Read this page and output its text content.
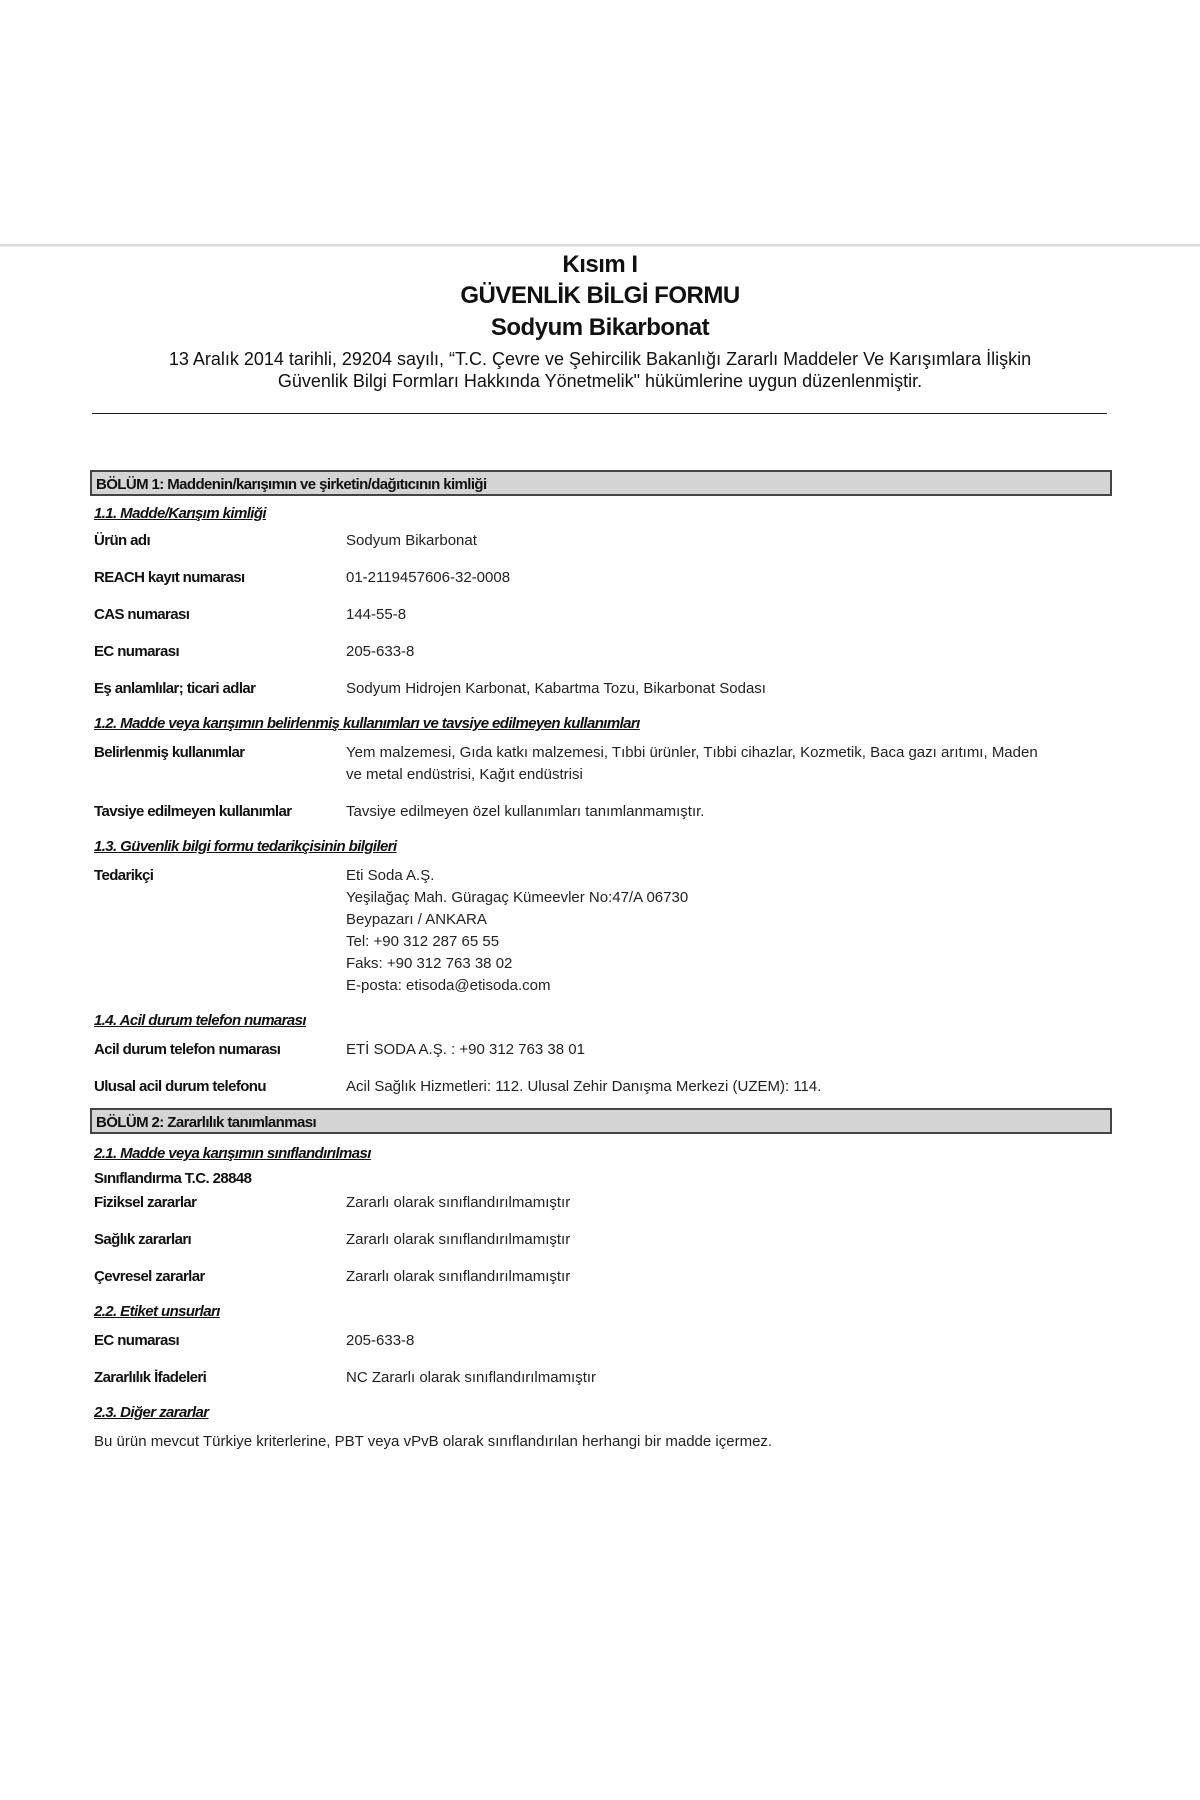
Kısım I

GÜVENLİK BİLGİ FORMU

Sodyum Bikarbonat

13 Aralık 2014 tarihli, 29204 sayılı, “T.C. Çevre ve Şehircilik Bakanlığı Zararlı Maddeler Ve Karışımlara İlişkin
Güvenlik Bilgi Formları Hakkında Yönetmelik" hükümlerine uygun düzenlenmiştir.
BÖLÜM 1: Maddenin/karışımın ve şirketin/dağıtıcının kimliği
1.1. Madde/Karışım kimliği
Ürün adı	Sodyum Bikarbonat
REACH kayıt numarası	01-2119457606-32-0008
CAS numarası	144-55-8
EC numarası	205-633-8
Eş anlamlılar; ticari adlar	Sodyum Hidrojen Karbonat, Kabartma Tozu, Bikarbonat Sodası
1.2. Madde veya karışımın belirlenmiş kullanımları ve tavsiye edilmeyen kullanımları
Belirlenmiş kullanımlar	Yem malzemesi, Gıda katkı malzemesi, Tıbbi ürünler, Tıbbi cihazlar, Kozmetik, Baca gazı arıtımı, Maden
ve metal endüstrisi, Kağıt endüstrisi
Tavsiye edilmeyen kullanımlar	Tavsiye edilmeyen özel kullanımları tanımlanmamıştır.
1.3. Güvenlik bilgi formu tedarikçisinin bilgileri
Tedarikçi	Eti Soda A.Ş.
Yeşilağaç Mah. Güragaç Kümeevler No:47/A 06730
Beypazarı / ANKARA
Tel: +90 312 287 65 55
Faks: +90 312 763 38 02
E-posta: etisoda@etisoda.com
1.4. Acil durum telefon numarası
Acil durum telefon numarası	ETİ SODA A.Ş. : +90 312 763 38 01
Ulusal acil durum telefonu	Acil Sağlık Hizmetleri: 112. Ulusal Zehir Danışma Merkezi (UZEM): 114.
BÖLÜM 2: Zararlılık tanımlanması
2.1. Madde veya karışımın sınıflandırılması
Sınıflandırma T.C. 28848
Fiziksel zararlar	Zararlı olarak sınıflandırılmamıştır
Sağlık zararları	Zararlı olarak sınıflandırılmamıştır
Çevresel zararlar	Zararlı olarak sınıflandırılmamıştır
2.2. Etiket unsurları
EC numarası	205-633-8
Zararlılık İfadeleri	NC Zararlı olarak sınıflandırılmamıştır
2.3. Diğer zararlar
Bu ürün mevcut Türkiye kriterlerine, PBT veya vPvB olarak sınıflandırılan herhangi bir madde içermez.
